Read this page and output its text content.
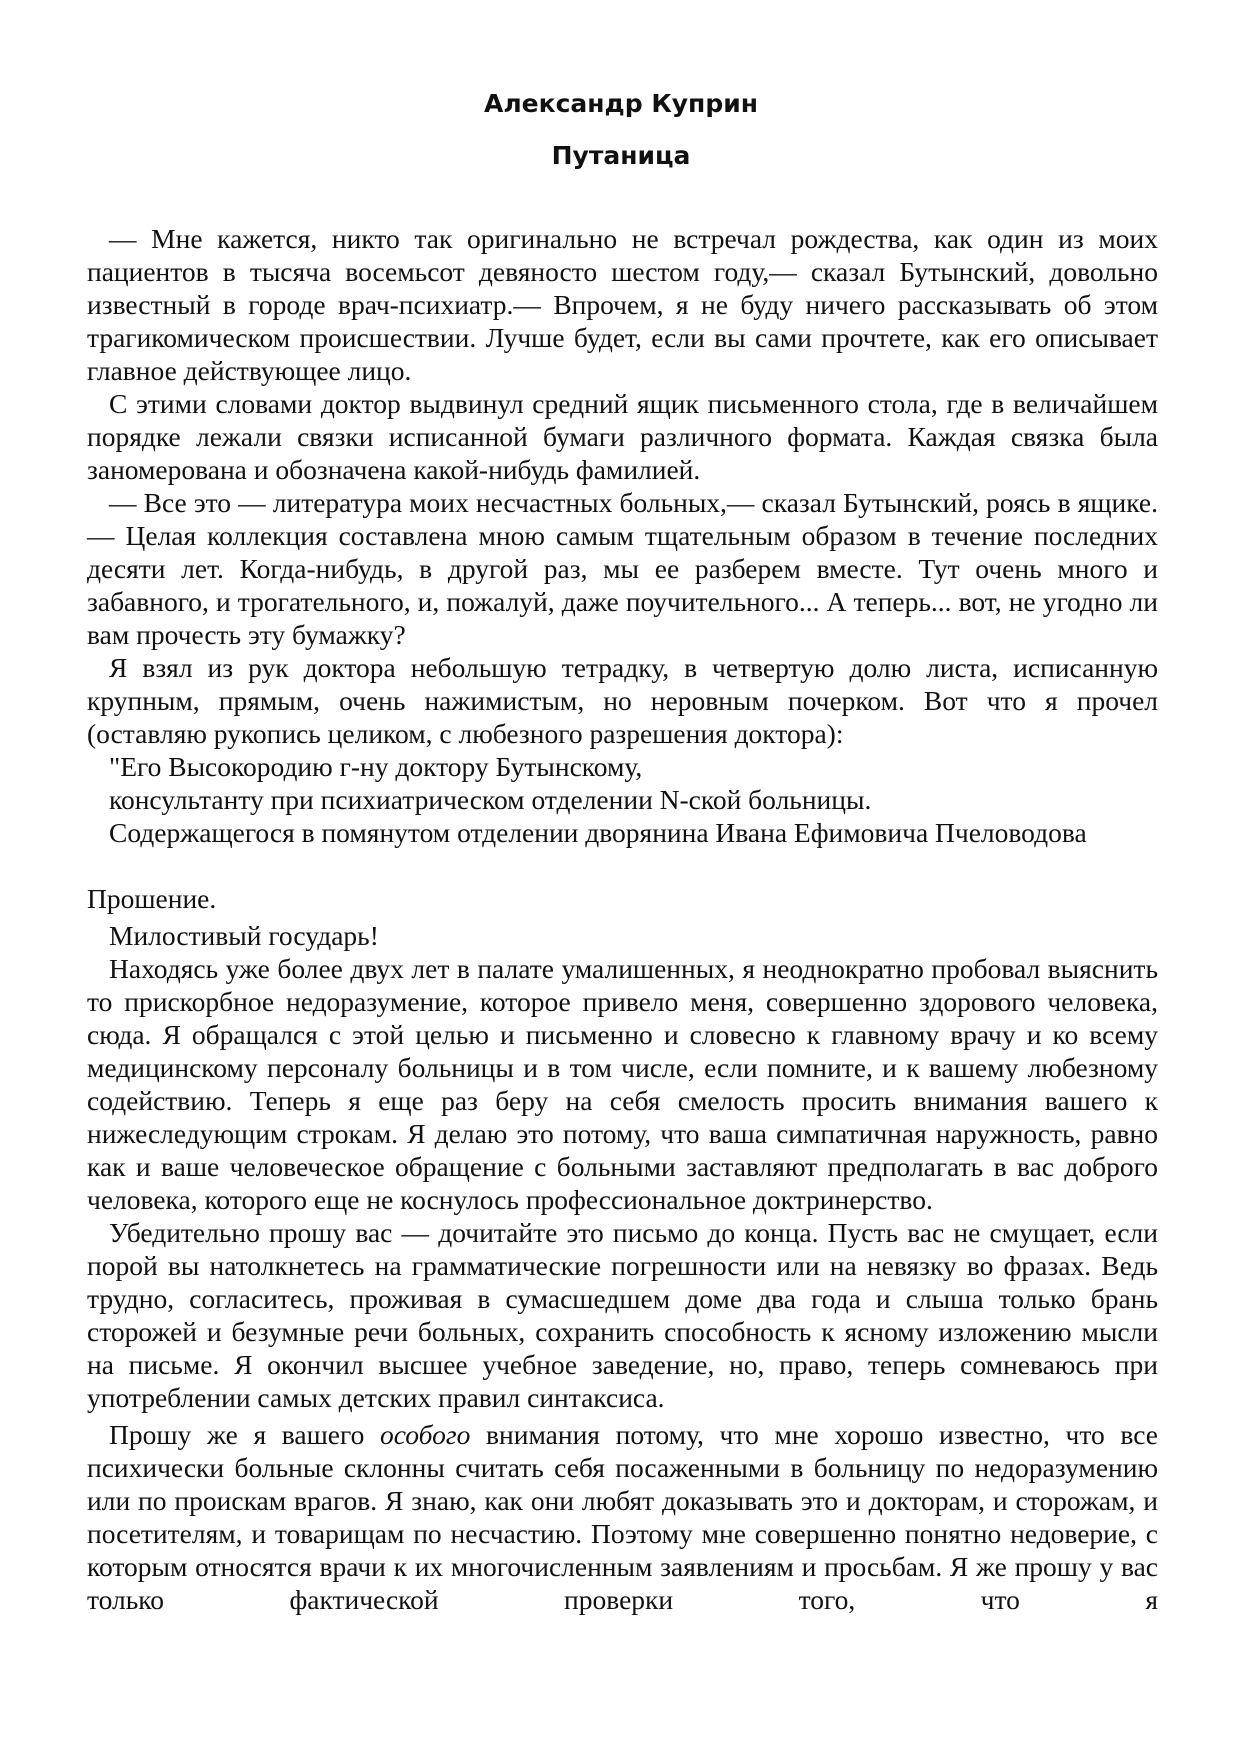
Александр Куприн
Путаница

— Мне кажется, никто так оригинально не встречал рождества, как один из моих пациентов в тысяча восемьсот девяносто шестом году,— сказал Бутынский, довольно известный в городе врач-психиатр.— Впрочем, я не буду ничего рассказывать об этом трагикомическом происшествии. Лучше будет, если вы сами прочтете, как его описывает главное действующее лицо.

С этими словами доктор выдвинул средний ящик письменного стола, где в величайшем порядке лежали связки исписанной бумаги различного формата. Каждая связка была заномерована и обозначена какой-нибудь фамилией.

— Все это — литература моих несчастных больных,— сказал Бутынский, роясь в ящике.— Целая коллекция составлена мною самым тщательным образом в течение последних десяти лет. Когда-нибудь, в другой раз, мы ее разберем вместе. Тут очень много и забавного, и трогательного, и, пожалуй, даже поучительного... А теперь... вот, не угодно ли вам прочесть эту бумажку?

Я взял из рук доктора небольшую тетрадку, в четвертую долю листа, исписанную крупным, прямым, очень нажимистым, но неровным почерком. Вот что я прочел (оставляю рукопись целиком, с любезного разрешения доктора):

"Его Высокородию г-ну доктору Бутынскому,

консультанту при психиатрическом отделении N-ской больницы.

Содержащегося в помянутом отделении дворянина Ивана Ефимовича Пчеловодова

Прошение.

Милостивый государь!

Находясь уже более двух лет в палате умалишенных, я неоднократно пробовал выяснить то прискорбное недоразумение, которое привело меня, совершенно здорового человека, сюда. Я обращался с этой целью и письменно и словесно к главному врачу и ко всему медицинскому персоналу больницы и в том числе, если помните, и к вашему любезному содействию. Теперь я еще раз беру на себя смелость просить внимания вашего к нижеследующим строкам. Я делаю это потому, что ваша симпатичная наружность, равно как и ваше человеческое обращение с больными заставляют предполагать в вас доброго человека, которого еще не коснулось профессиональное доктринерство.

Убедительно прошу вас — дочитайте это письмо до конца. Пусть вас не смущает, если порой вы натолкнетесь на грамматические погрешности или на невязку во фразах. Ведь трудно, согласитесь, проживая в сумасшедшем доме два года и слыша только брань сторожей и безумные речи больных, сохранить способность к ясному изложению мысли на письме. Я окончил высшее учебное заведение, но, право, теперь сомневаюсь при употреблении самых детских правил синтаксиса.

Прошу же я вашего особого внимания потому, что мне хорошо известно, что все психически больные склонны считать себя посаженными в больницу по недоразумению или по проискам врагов. Я знаю, как они любят доказывать это и докторам, и сторожам, и посетителям, и товарищам по несчастию. Поэтому мне совершенно понятно недоверие, с которым относятся врачи к их многочисленным заявлениям и просьбам. Я же прошу у вас только фактической проверки того, что я
